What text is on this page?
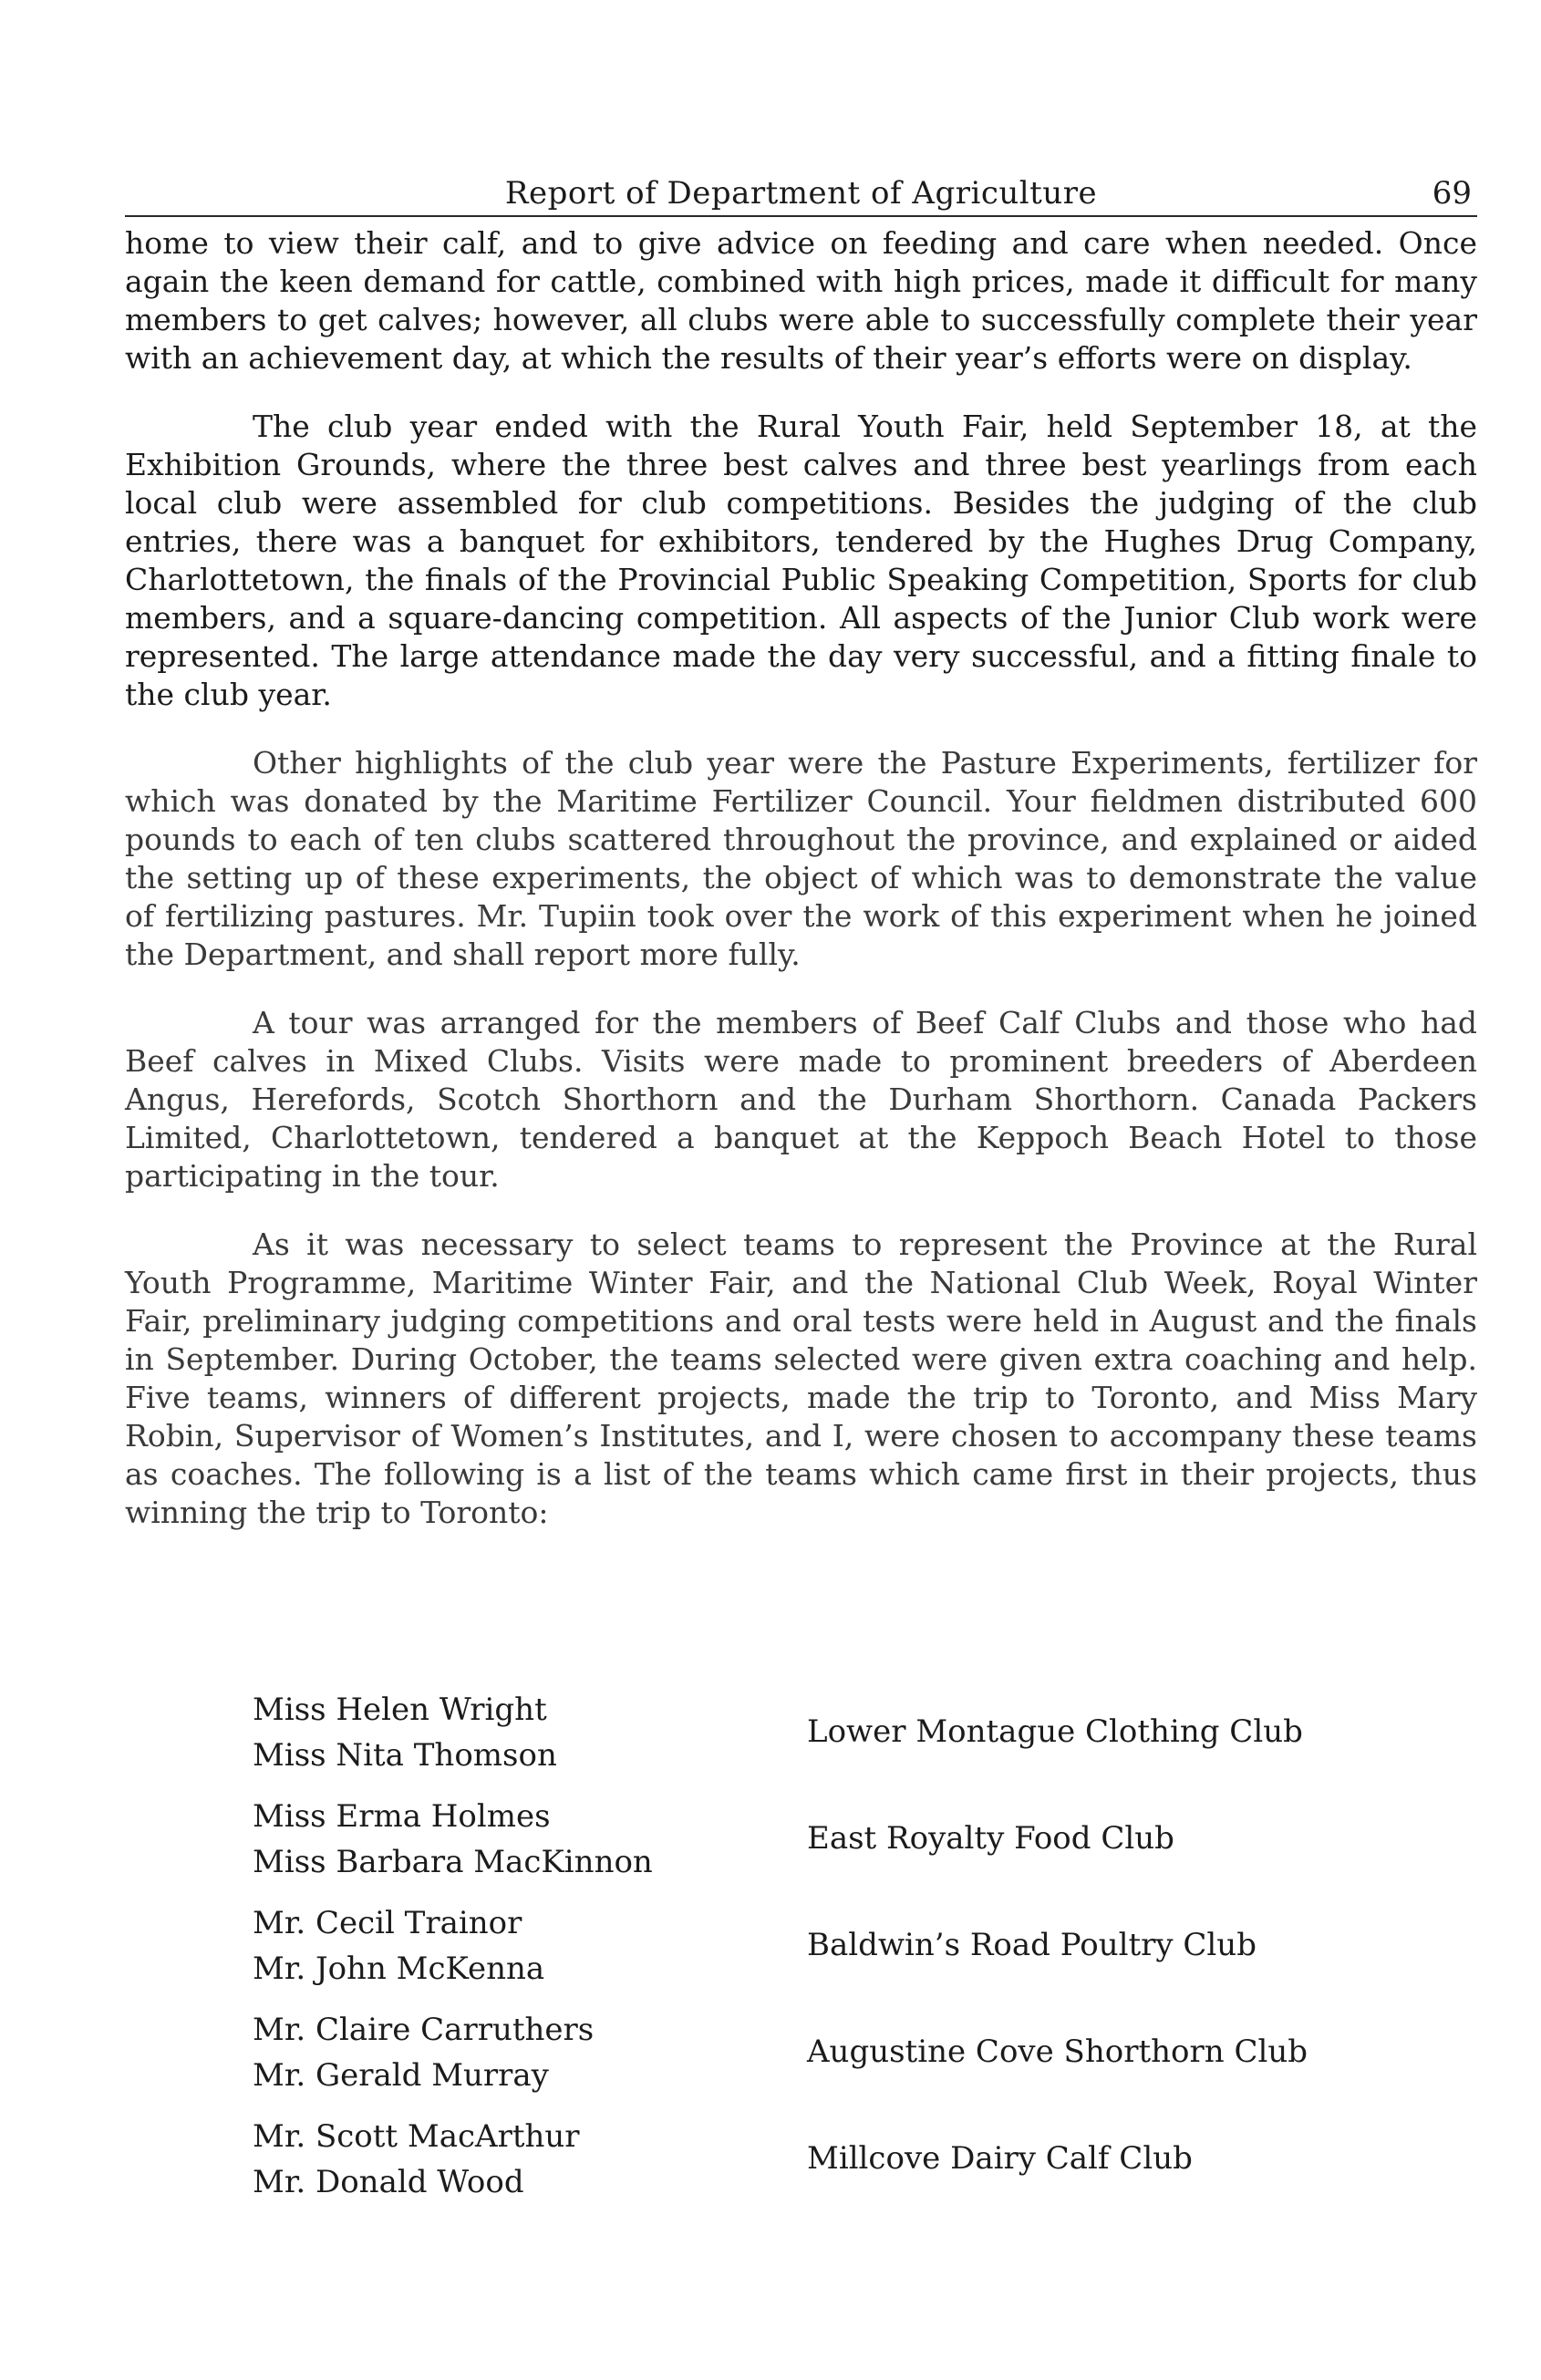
Report of Department of Agriculture	69

home to view their calf, and to give advice on feeding and care when needed. Once again the keen demand for cattle, combined with high prices, made it difficult for many members to get calves; however, all clubs were able to successfully complete their year with an achievement day, at which the results of their year’s efforts were on display.

The club year ended with the Rural Youth Fair, held September 18, at the Exhibition Grounds, where the three best calves and three best yearlings from each local club were assembled for club competitions. Besides the judging of the club entries, there was a banquet for exhibitors, tendered by the Hughes Drug Company, Charlottetown, the finals of the Provincial Public Speaking Competition, Sports for club members, and a square-dancing competition. All aspects of the Junior Club work were represented. The large attendance made the day very successful, and a fitting finale to the club year.

Other highlights of the club year were the Pasture Experiments, fertilizer for which was donated by the Maritime Fertilizer Council. Your fieldmen distributed 600 pounds to each of ten clubs scattered throughout the province, and explained or aided the setting up of these experiments, the object of which was to demonstrate the value of fertilizing pastures. Mr. Tupiin took over the work of this experiment when he joined the Department, and shall report more fully.

A tour was arranged for the members of Beef Calf Clubs and those who had Beef calves in Mixed Clubs. Visits were made to prominent breeders of Aberdeen Angus, Herefords, Scotch Shorthorn and the Durham Shorthorn. Canada Packers Limited, Charlottetown, tendered a banquet at the Keppoch Beach Hotel to those participating in the tour.

As it was necessary to select teams to represent the Province at the Rural Youth Programme, Maritime Winter Fair, and the National Club Week, Royal Winter Fair, preliminary judging competitions and oral tests were held in August and the finals in September. During October, the teams selected were given extra coaching and help. Five teams, winners of different projects, made the trip to Toronto, and Miss Mary Robin, Supervisor of Women’s Institutes, and I, were chosen to accompany these teams as coaches. The following is a list of the teams which came first in their projects, thus winning the trip to Toronto:

Miss Helen Wright
Miss Nita Thomson
Lower Montague Clothing Club
Miss Erma Holmes
Miss Barbara MacKinnon
East Royalty Food Club
Mr. Cecil Trainor
Mr. John McKenna
Baldwin’s Road Poultry Club
Mr. Claire Carruthers
Mr. Gerald Murray
Augustine Cove Shorthorn Club
Mr. Scott MacArthur
Mr. Donald Wood
Millcove Dairy Calf Club
